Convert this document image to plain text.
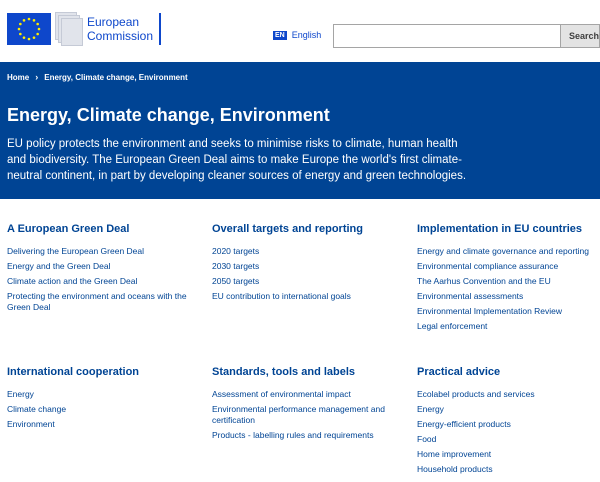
European
Commission	EN English	Search
Home › Energy, Climate change, Environment
Energy, Climate change, Environment

EU policy protects the environment and seeks to minimise risks to climate, human health and biodiversity. The European Green Deal aims to make Europe the world's first climate-neutral continent, in part by developing cleaner sources of energy and green technologies.

A European Green Deal
Delivering the European Green Deal
Energy and the Green Deal
Climate action and the Green Deal
Protecting the environment and oceans with the Green Deal
Overall targets and reporting
2020 targets
2030 targets
2050 targets
EU contribution to international goals
Implementation in EU countries
Energy and climate governance and reporting
Environmental compliance assurance
The Aarhus Convention and the EU
Environmental assessments
Environmental Implementation Review
Legal enforcement
International cooperation
Energy
Climate change
Environment
Standards, tools and labels
Assessment of environmental impact
Environmental performance management and certification
Products - labelling rules and requirements
Practical advice
Ecolabel products and services
Energy
Energy-efficient products
Food
Home improvement
Household products
